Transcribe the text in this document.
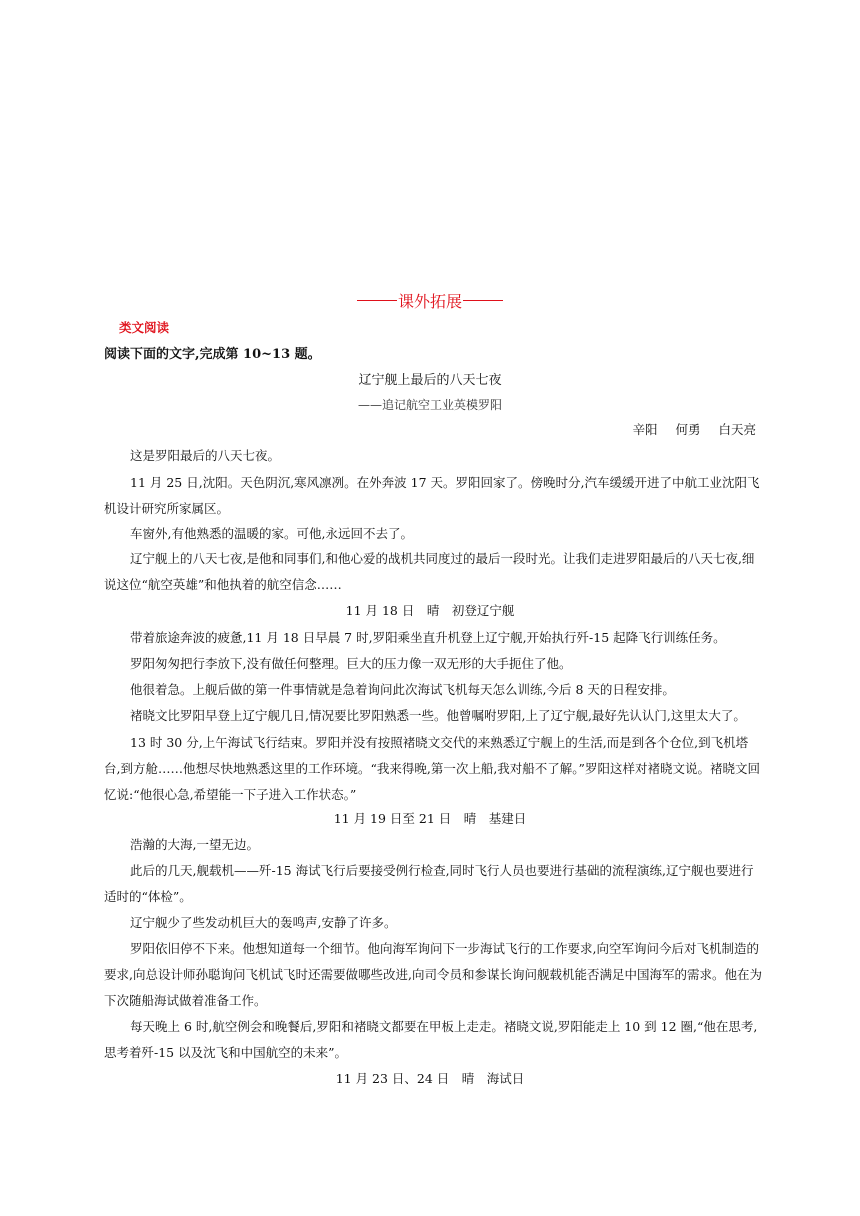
课外拓展
类文阅读
阅读下面的文字,完成第 10~13 题。
辽宁舰上最后的八天七夜
——追记航空工业英模罗阳
辛阳 何勇 白天亮

这是罗阳最后的八天七夜。

11 月 25 日,沈阳。天色阴沉,寒风凛冽。在外奔波 17 天。罗阳回家了。傍晚时分,汽车缓缓开进了中航工业沈阳飞机设计研究所家属区。

车窗外,有他熟悉的温暖的家。可他,永远回不去了。

辽宁舰上的八天七夜,是他和同事们,和他心爱的战机共同度过的最后一段时光。让我们走进罗阳最后的八天七夜,细说这位“航空英雄”和他执着的航空信念……

11 月 18 日　晴　初登辽宁舰

带着旅途奔波的疲惫,11 月 18 日早晨 7 时,罗阳乘坐直升机登上辽宁舰,开始执行歼-15 起降飞行训练任务。

罗阳匆匆把行李放下,没有做任何整理。巨大的压力像一双无形的大手扼住了他。

他很着急。上舰后做的第一件事情就是急着询问此次海试飞机每天怎么训练,今后 8 天的日程安排。

褚晓文比罗阳早登上辽宁舰几日,情况要比罗阳熟悉一些。他曾嘱咐罗阳,上了辽宁舰,最好先认认门,这里太大了。

13 时 30 分,上午海试飞行结束。罗阳并没有按照褚晓文交代的来熟悉辽宁舰上的生活,而是到各个仓位,到飞机塔台,到方舱……他想尽快地熟悉这里的工作环境。“我来得晚,第一次上船,我对船不了解。”罗阳这样对褚晓文说。褚晓文回忆说:“他很心急,希望能一下子进入工作状态。”

11 月 19 日至 21 日　晴　基建日

浩瀚的大海,一望无边。

此后的几天,舰载机——歼-15 海试飞行后要接受例行检查,同时飞行人员也要进行基础的流程演练,辽宁舰也要进行适时的“体检”。

辽宁舰少了些发动机巨大的轰鸣声,安静了许多。

罗阳依旧停不下来。他想知道每一个细节。他向海军询问下一步海试飞行的工作要求,向空军询问今后对飞机制造的要求,向总设计师孙聪询问飞机试飞时还需要做哪些改进,向司令员和参谋长询问舰载机能否满足中国海军的需求。他在为下次随船海试做着准备工作。

每天晚上 6 时,航空例会和晚餐后,罗阳和褚晓文都要在甲板上走走。褚晓文说,罗阳能走上 10 到 12 圈,“他在思考,思考着歼-15 以及沈飞和中国航空的未来”。

11 月 23 日、24 日　晴　海试日
